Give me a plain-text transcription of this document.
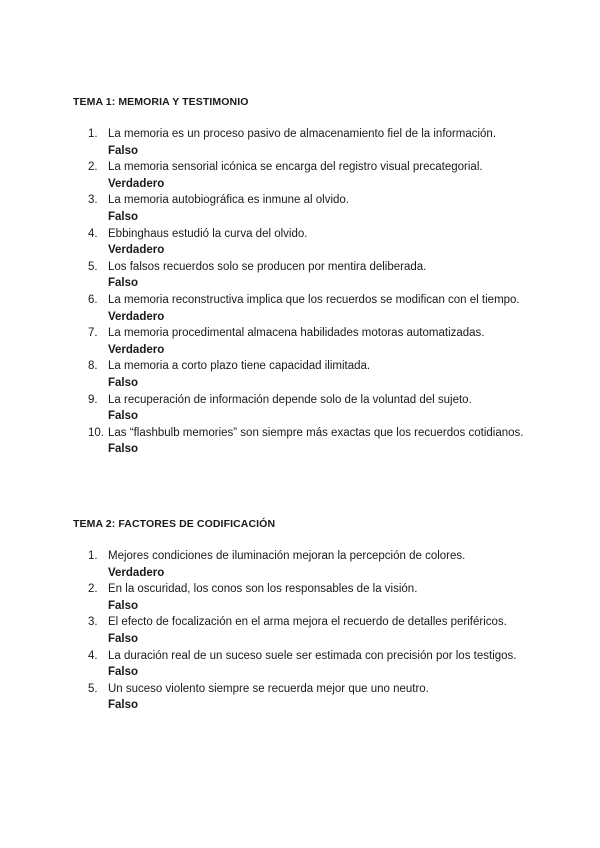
TEMA 1: MEMORIA Y TESTIMONIO
1. La memoria es un proceso pasivo de almacenamiento fiel de la información.
Falso
2. La memoria sensorial icónica se encarga del registro visual precategorial.
Verdadero
3. La memoria autobiográfica es inmune al olvido.
Falso
4. Ebbinghaus estudió la curva del olvido.
Verdadero
5. Los falsos recuerdos solo se producen por mentira deliberada.
Falso
6. La memoria reconstructiva implica que los recuerdos se modifican con el tiempo.
Verdadero
7. La memoria procedimental almacena habilidades motoras automatizadas.
Verdadero
8. La memoria a corto plazo tiene capacidad ilimitada.
Falso
9. La recuperación de información depende solo de la voluntad del sujeto.
Falso
10. Las “flashbulb memories” son siempre más exactas que los recuerdos cotidianos.
Falso
TEMA 2: FACTORES DE CODIFICACIÓN
1. Mejores condiciones de iluminación mejoran la percepción de colores.
Verdadero
2. En la oscuridad, los conos son los responsables de la visión.
Falso
3. El efecto de focalización en el arma mejora el recuerdo de detalles periféricos.
Falso
4. La duración real de un suceso suele ser estimada con precisión por los testigos.
Falso
5. Un suceso violento siempre se recuerda mejor que uno neutro.
Falso
